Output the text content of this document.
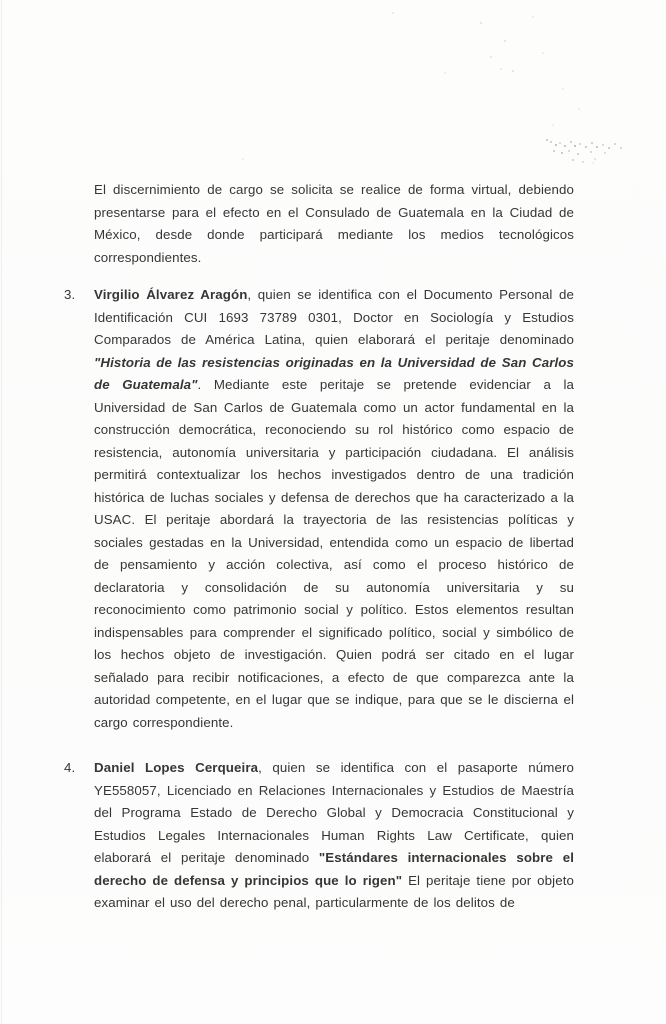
El discernimiento de cargo se solicita se realice de forma virtual, debiendo presentarse para el efecto en el Consulado de Guatemala en la Ciudad de México, desde donde participará mediante los medios tecnológicos correspondientes.

3.	Virgilio Álvarez Aragón, quien se identifica con el Documento Personal de Identificación CUI 1693 73789 0301, Doctor en Sociología y Estudios Comparados de América Latina, quien elaborará el peritaje denominado "Historia de las resistencias originadas en la Universidad de San Carlos de Guatemala". Mediante este peritaje se pretende evidenciar a la Universidad de San Carlos de Guatemala como un actor fundamental en la construcción democrática, reconociendo su rol histórico como espacio de resistencia, autonomía universitaria y participación ciudadana. El análisis permitirá contextualizar los hechos investigados dentro de una tradición histórica de luchas sociales y defensa de derechos que ha caracterizado a la USAC. El peritaje abordará la trayectoria de las resistencias políticas y sociales gestadas en la Universidad, entendida como un espacio de libertad de pensamiento y acción colectiva, así como el proceso histórico de declaratoria y consolidación de su autonomía universitaria y su reconocimiento como patrimonio social y político. Estos elementos resultan indispensables para comprender el significado político, social y simbólico de los hechos objeto de investigación. Quien podrá ser citado en el lugar señalado para recibir notificaciones, a efecto de que comparezca ante la autoridad competente, en el lugar que se indique, para que se le discierna el cargo correspondiente.

4.	Daniel Lopes Cerqueira, quien se identifica con el pasaporte número YE558057, Licenciado en Relaciones Internacionales y Estudios de Maestría del Programa Estado de Derecho Global y Democracia Constitucional y Estudios Legales Internacionales Human Rights Law Certificate, quien elaborará el peritaje denominado "Estándares internacionales sobre el derecho de defensa y principios que lo rigen" El peritaje tiene por objeto examinar el uso del derecho penal, particularmente de los delitos de
